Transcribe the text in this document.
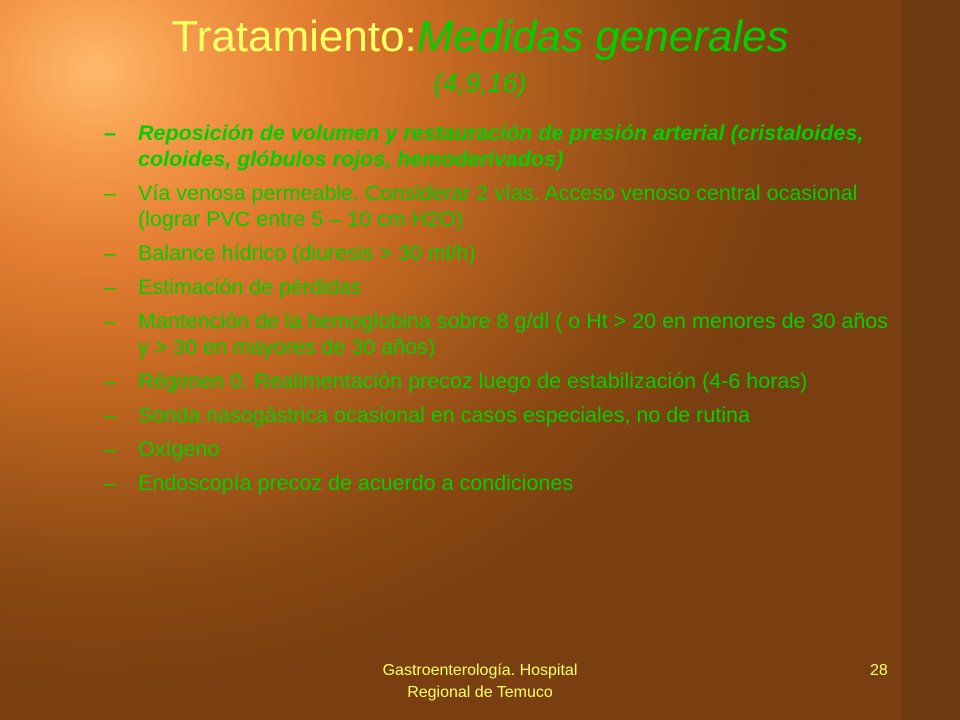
Tratamiento:Medidas generales
(4,9,16)
– Reposición de volumen y restauración de presión arterial (cristaloides, coloides, glóbulos rojos, hemoderivados)
– Vía venosa permeable. Considerar 2 vías. Acceso venoso central ocasional (lograr PVC entre 5 – 10 cm H2O)
– Balance hídrico (diuresis > 30 ml/h)
– Estimación de pérdidas
– Mantención de la hemoglobina sobre 8 g/dl ( o Ht > 20 en menores de 30 años y > 30 en mayores de 30 años)
– Régimen 0. Realimentación precoz luego de estabilización (4-6 horas)
– Sonda nasogástrica ocasional en casos especiales, no de rutina
– Oxígeno
– Endoscopía precoz de acuerdo a condiciones
Gastroenterología. Hospital
Regional de Temuco
28
